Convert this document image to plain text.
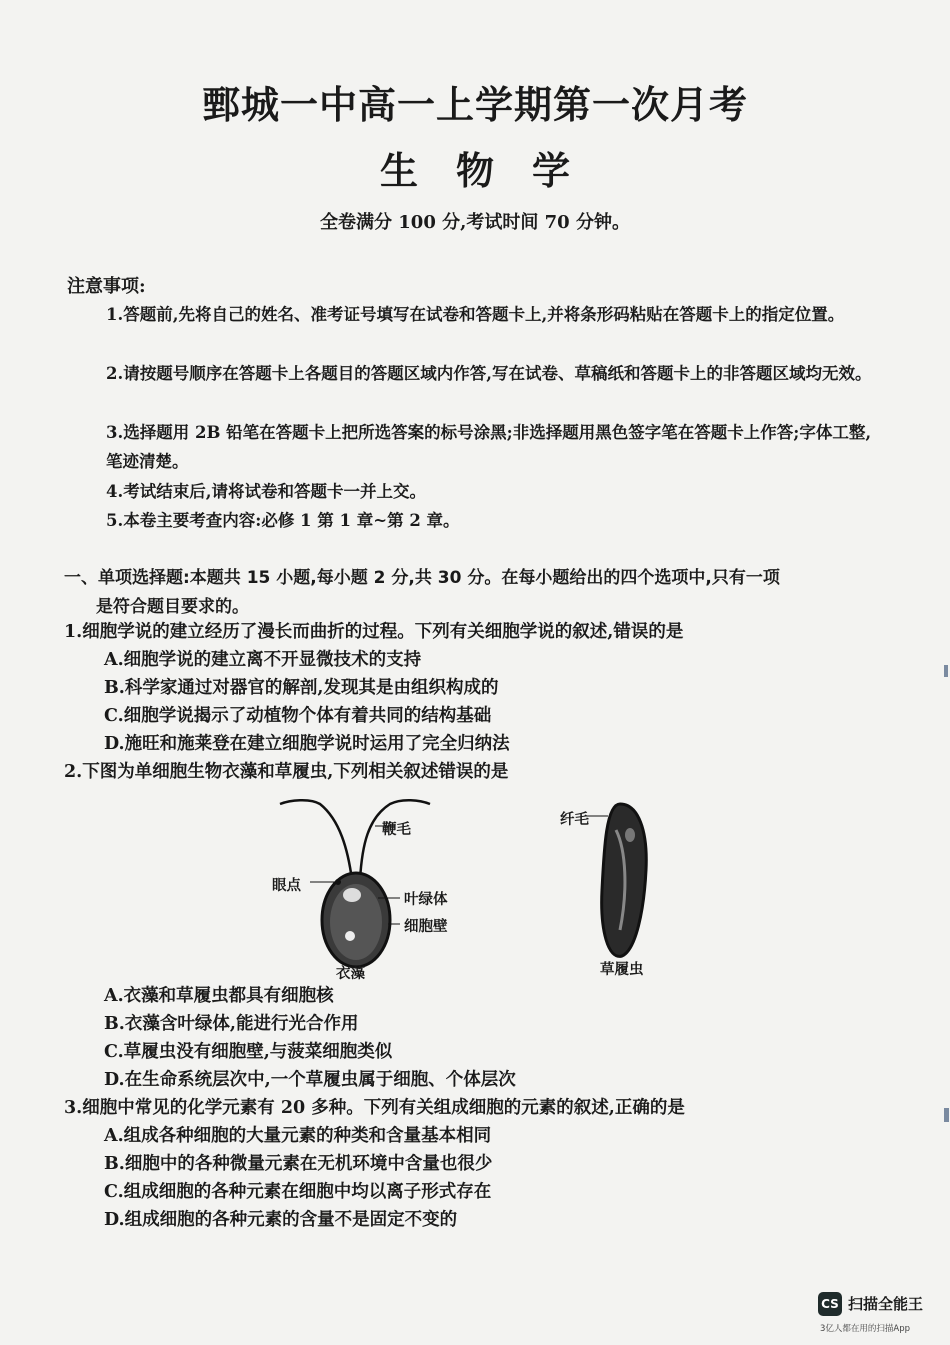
鄄城一中高一上学期第一次月考
生物学
全卷满分 100 分,考试时间 70 分钟。
注意事项:
1.答题前,先将自己的姓名、准考证号填写在试卷和答题卡上,并将条形码粘贴在答题卡上的指定位置。
2.请按题号顺序在答题卡上各题目的答题区域内作答,写在试卷、草稿纸和答题卡上的非答题区域均无效。
3.选择题用 2B 铅笔在答题卡上把所选答案的标号涂黑;非选择题用黑色签字笔在答题卡上作答;字体工整,笔迹清楚。
4.考试结束后,请将试卷和答题卡一并上交。
5.本卷主要考查内容:必修 1 第 1 章~第 2 章。
一、单项选择题:本题共 15 小题,每小题 2 分,共 30 分。在每小题给出的四个选项中,只有一项
是符合题目要求的。
1.细胞学说的建立经历了漫长而曲折的过程。下列有关细胞学说的叙述,错误的是
A.细胞学说的建立离不开显微技术的支持
B.科学家通过对器官的解剖,发现其是由组织构成的
C.细胞学说揭示了动植物个体有着共同的结构基础
D.施旺和施莱登在建立细胞学说时运用了完全归纳法
2.下图为单细胞生物衣藻和草履虫,下列相关叙述错误的是
鞭毛
眼点
叶绿体
细胞壁
衣藻
纤毛
草履虫
A.衣藻和草履虫都具有细胞核
B.衣藻含叶绿体,能进行光合作用
C.草履虫没有细胞壁,与菠菜细胞类似
D.在生命系统层次中,一个草履虫属于细胞、个体层次
3.细胞中常见的化学元素有 20 多种。下列有关组成细胞的元素的叙述,正确的是
A.组成各种细胞的大量元素的种类和含量基本相同
B.细胞中的各种微量元素在无机环境中含量也很少
C.组成细胞的各种元素在细胞中均以离子形式存在
D.组成细胞的各种元素的含量不是固定不变的
CS 扫描全能王
3亿人都在用的扫描App
